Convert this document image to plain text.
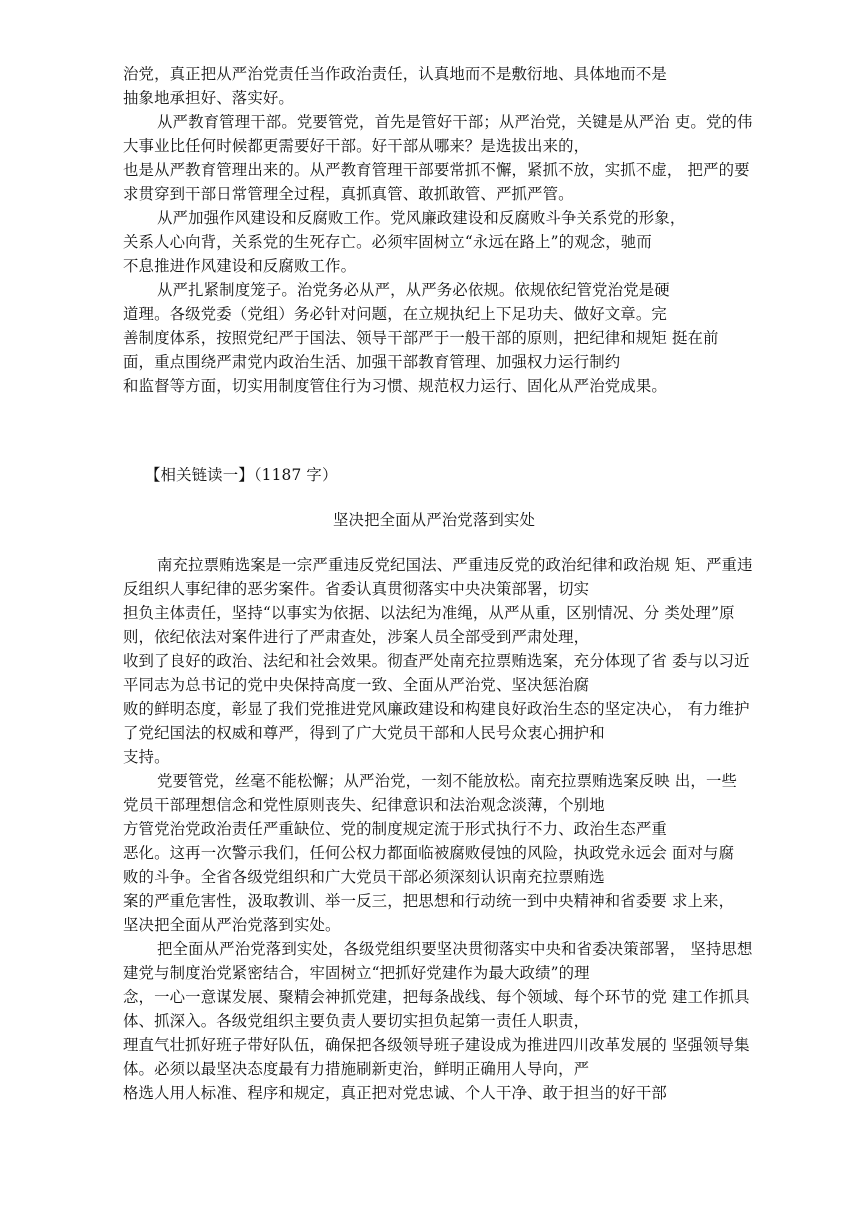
治党，真正把从严治党责任当作政治责任，认真地而不是敷衍地、具体地而不是

抽象地承担好、落实好。

从严教育管理干部。党要管党，首先是管好干部；从严治党，关键是从严治 吏。党的伟

大事业比任何时候都更需要好干部。好干部从哪来？是选拔出来的，

也是从严教育管理出来的。从严教育管理干部要常抓不懈，紧抓不放，实抓不虚， 把严的要

求贯穿到干部日常管理全过程，真抓真管、敢抓敢管、严抓严管。

从严加强作风建设和反腐败工作。党风廉政建设和反腐败斗争关系党的形象，

关系人心向背，关系党的生死存亡。必须牢固树立“永远在路上”的观念，驰而

不息推进作风建设和反腐败工作。

从严扎紧制度笼子。治党务必从严，从严务必依规。依规依纪管党治党是硬

道理。各级党委（党组）务必针对问题，在立规执纪上下足功夫、做好文章。完

善制度体系，按照党纪严于国法、领导干部严于一般干部的原则，把纪律和规矩 挺在前

面，重点围绕严肃党内政治生活、加强干部教育管理、加强权力运行制约

和监督等方面，切实用制度管住行为习惯、规范权力运行、固化从严治党成果。

【相关链读一】（1187 字）

坚决把全面从严治党落到实处

南充拉票贿选案是一宗严重违反党纪国法、严重违反党的政治纪律和政治规 矩、严重违

反组织人事纪律的恶劣案件。省委认真贯彻落实中央决策部署，切实

担负主体责任，坚持“以事实为依据、以法纪为准绳，从严从重，区别情况、分 类处理”原

则，依纪依法对案件进行了严肃查处，涉案人员全部受到严肃处理，

收到了良好的政治、法纪和社会效果。彻查严处南充拉票贿选案，充分体现了省 委与以习近

平同志为总书记的党中央保持高度一致、全面从严治党、坚决惩治腐

败的鲜明态度，彰显了我们党推进党风廉政建设和构建良好政治生态的坚定决心， 有力维护

了党纪国法的权威和尊严，得到了广大党员干部和人民号众衷心拥护和

支持。

党要管党，丝毫不能松懈；从严治党，一刻不能放松。南充拉票贿选案反映 出，一些

党员干部理想信念和党性原则丧失、纪律意识和法治观念淡薄，个别地

方管党治党政治责任严重缺位、党的制度规定流于形式执行不力、政治生态严重

恶化。这再一次警示我们，任何公权力都面临被腐败侵蚀的风险，执政党永远会 面对与腐

败的斗争。全省各级党组织和广大党员干部必须深刻认识南充拉票贿选

案的严重危害性，汲取教训、举一反三，把思想和行动统一到中央精神和省委要 求上来，

坚决把全面从严治党落到实处。

把全面从严治党落到实处，各级党组织要坚决贯彻落实中央和省委决策部署， 坚持思想

建党与制度治党紧密结合，牢固树立“把抓好党建作为最大政绩”的理

念，一心一意谋发展、聚精会神抓党建，把每条战线、每个领域、每个环节的党 建工作抓具

体、抓深入。各级党组织主要负责人要切实担负起第一责任人职责，

理直气壮抓好班子带好队伍，确保把各级领导班子建设成为推进四川改革发展的 坚强领导集

体。必须以最坚决态度最有力措施刷新吏治，鲜明正确用人导向，严

格选人用人标准、程序和规定，真正把对党忠诚、个人干净、敢于担当的好干部
